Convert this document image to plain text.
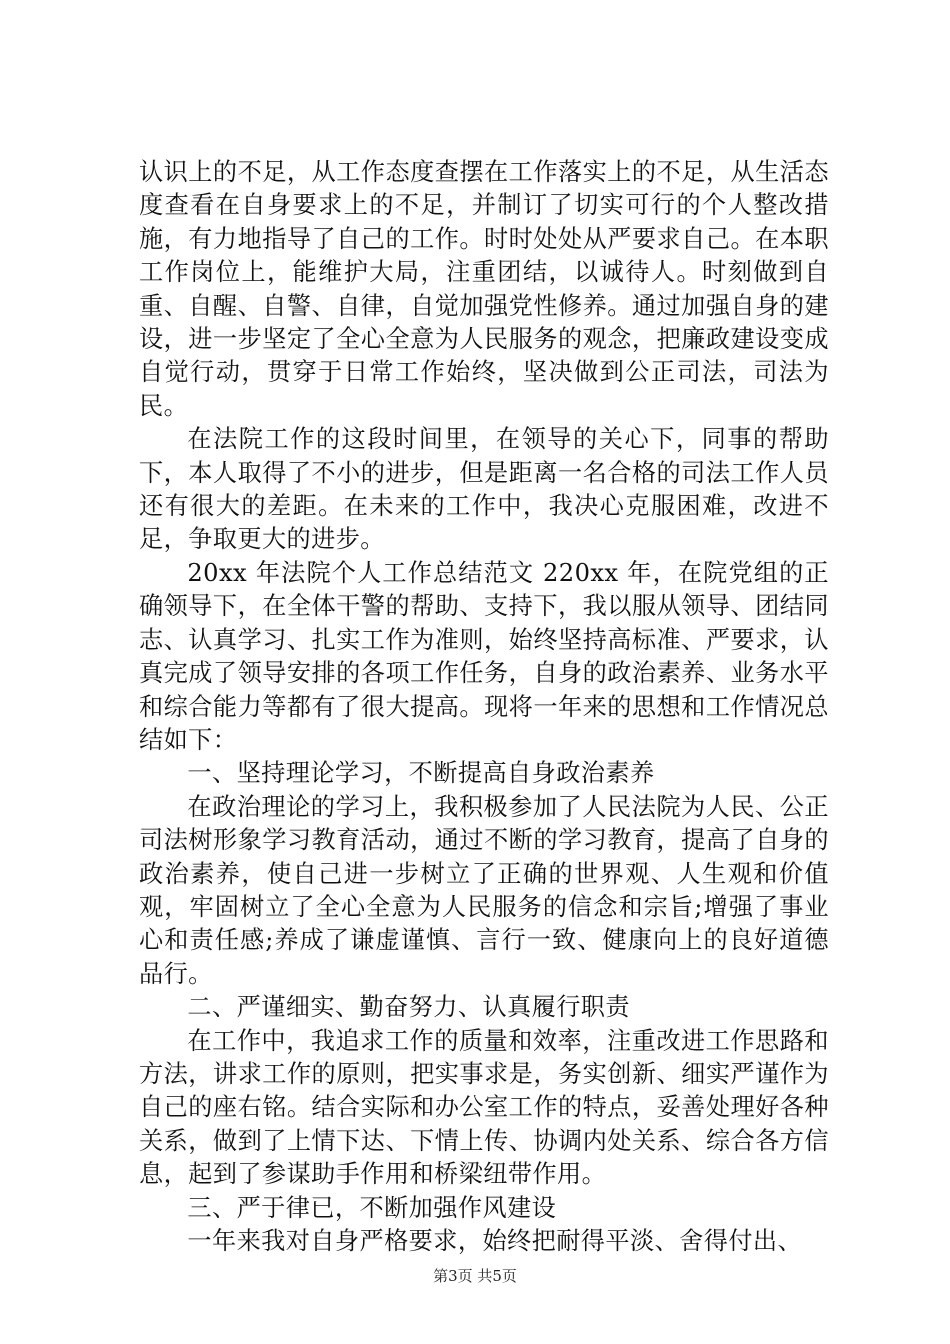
认识上的不足，从工作态度查摆在工作落实上的不足，从生活态度查看在自身要求上的不足，并制订了切实可行的个人整改措施，有力地指导了自己的工作。时时处处从严要求自己。在本职工作岗位上，能维护大局，注重团结，以诚待人。时刻做到自重、自醒、自警、自律，自觉加强党性修养。通过加强自身的建设，进一步坚定了全心全意为人民服务的观念，把廉政建设变成自觉行动，贯穿于日常工作始终，坚决做到公正司法，司法为民。

在法院工作的这段时间里，在领导的关心下，同事的帮助下，本人取得了不小的进步，但是距离一名合格的司法工作人员还有很大的差距。在未来的工作中，我决心克服困难，改进不足，争取更大的进步。

20xx 年法院个人工作总结范文 220xx 年，在院党组的正确领导下，在全体干警的帮助、支持下，我以服从领导、团结同志、认真学习、扎实工作为准则，始终坚持高标准、严要求，认真完成了领导安排的各项工作任务，自身的政治素养、业务水平和综合能力等都有了很大提高。现将一年来的思想和工作情况总结如下：

一、坚持理论学习，不断提高自身政治素养

在政治理论的学习上，我积极参加了人民法院为人民、公正司法树形象学习教育活动，通过不断的学习教育，提高了自身的政治素养，使自己进一步树立了正确的世界观、人生观和价值观，牢固树立了全心全意为人民服务的信念和宗旨;增强了事业心和责任感;养成了谦虚谨慎、言行一致、健康向上的良好道德品行。

二、严谨细实、勤奋努力、认真履行职责

在工作中，我追求工作的质量和效率，注重改进工作思路和方法，讲求工作的原则，把实事求是，务实创新、细实严谨作为自己的座右铭。结合实际和办公室工作的特点，妥善处理好各种关系，做到了上情下达、下情上传、协调内处关系、综合各方信息，起到了参谋助手作用和桥梁纽带作用。

三、严于律已，不断加强作风建设

一年来我对自身严格要求，始终把耐得平淡、舍得付出、

第3页 共5页
